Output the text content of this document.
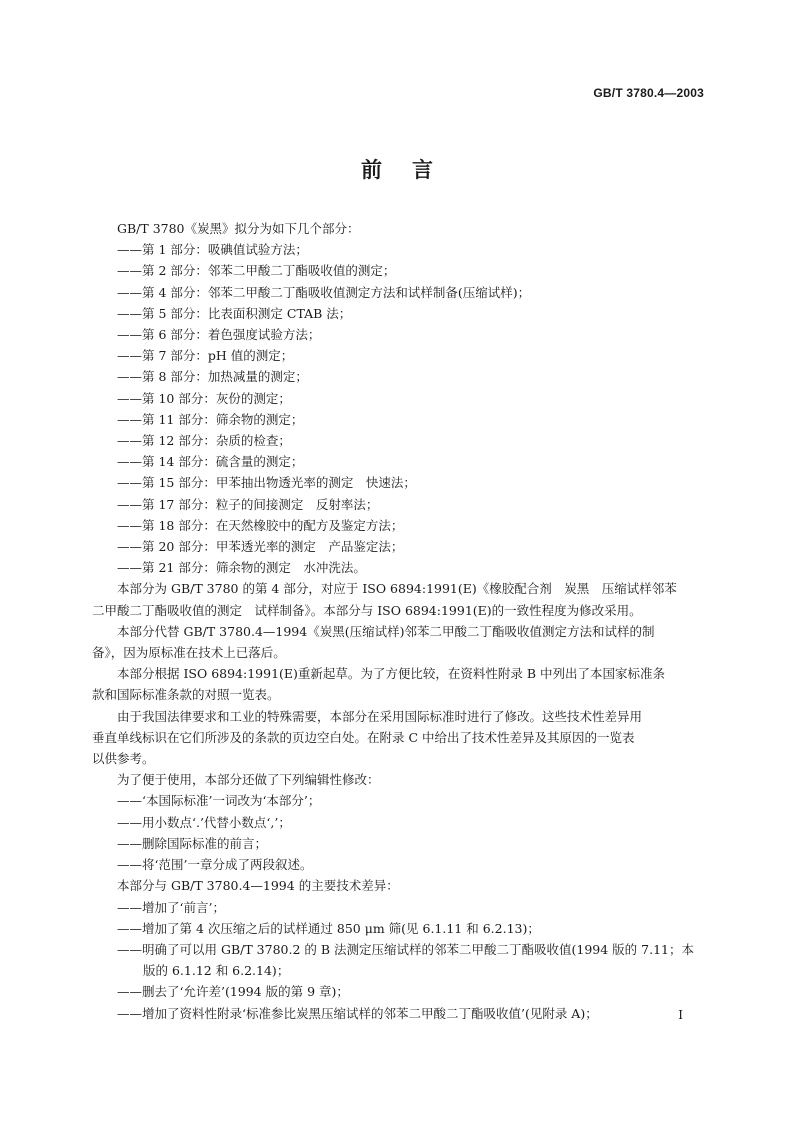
GB/T 3780.4—2003
前言
GB/T 3780《炭黑》拟分为如下几个部分：
——第 1 部分：吸碘值试验方法；
——第 2 部分：邻苯二甲酸二丁酯吸收值的测定；
——第 4 部分：邻苯二甲酸二丁酯吸收值测定方法和试样制备(压缩试样)；
——第 5 部分：比表面积测定 CTAB 法；
——第 6 部分：着色强度试验方法；
——第 7 部分：pH 值的测定；
——第 8 部分：加热减量的测定；
——第 10 部分：灰份的测定；
——第 11 部分：筛余物的测定；
——第 12 部分：杂质的检查；
——第 14 部分：硫含量的测定；
——第 15 部分：甲苯抽出物透光率的测定　快速法；
——第 17 部分：粒子的间接测定　反射率法；
——第 18 部分：在天然橡胶中的配方及鉴定方法；
——第 20 部分：甲苯透光率的测定　产品鉴定法；
——第 21 部分：筛余物的测定　水冲洗法。
本部分为 GB/T 3780 的第 4 部分，对应于 ISO 6894:1991(E)《橡胶配合剂　炭黑　压缩试样邻苯
二甲酸二丁酯吸收值的测定　试样制备》。本部分与 ISO 6894:1991(E)的一致性程度为修改采用。
本部分代替 GB/T 3780.4—1994《炭黑(压缩试样)邻苯二甲酸二丁酯吸收值测定方法和试样的制
备》，因为原标准在技术上已落后。
本部分根据 ISO 6894:1991(E)重新起草。为了方便比较，在资料性附录 B 中列出了本国家标准条
款和国际标准条款的对照一览表。
由于我国法律要求和工业的特殊需要，本部分在采用国际标准时进行了修改。这些技术性差异用
垂直单线标识在它们所涉及的条款的页边空白处。在附录 C 中给出了技术性差异及其原因的一览表
以供参考。
为了便于使用，本部分还做了下列编辑性修改：
——‘本国际标准’一词改为‘本部分’；
——用小数点‘.’代替小数点‘,’；
——删除国际标准的前言；
——将‘范围’一章分成了两段叙述。
本部分与 GB/T 3780.4—1994 的主要技术差异：
——增加了‘前言’；
——增加了第 4 次压缩之后的试样通过 850 μm 筛(见 6.1.11 和 6.2.13)；
——明确了可以用 GB/T 3780.2 的 B 法测定压缩试样的邻苯二甲酸二丁酯吸收值(1994 版的 7.11；本版的 6.1.12 和 6.2.14)；
——删去了‘允许差’(1994 版的第 9 章)；
——增加了资料性附录‘标准参比炭黑压缩试样的邻苯二甲酸二丁酯吸收值’(见附录 A)；	I
